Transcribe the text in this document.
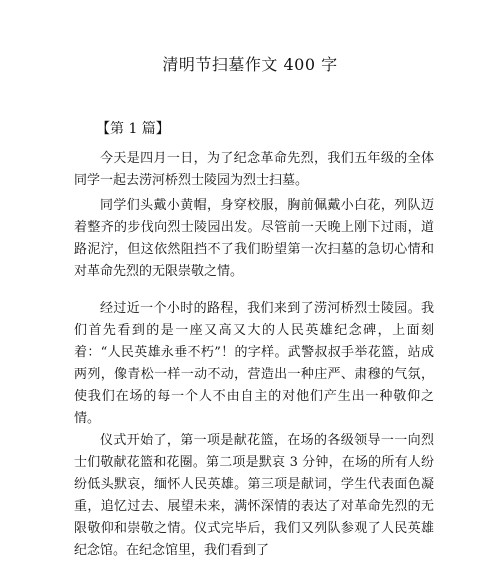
清明节扫墓作文 400 字
【第 1 篇】

今天是四月一日，为了纪念革命先烈，我们五年级的全体同学一起去涝河桥烈士陵园为烈士扫墓。

同学们头戴小黄帽，身穿校服，胸前佩戴小白花，列队迈着整齐的步伐向烈士陵园出发。尽管前一天晚上刚下过雨，道路泥泞，但这依然阻挡不了我们盼望第一次扫墓的急切心情和对革命先烈的无限崇敬之情。

经过近一个小时的路程，我们来到了涝河桥烈士陵园。我们首先看到的是一座又高又大的人民英雄纪念碑，上面刻着：“人民英雄永垂不朽”！的字样。武警叔叔手举花篮，站成两列，像青松一样一动不动，营造出一种庄严、肃穆的气氛，使我们在场的每一个人不由自主的对他们产生出一种敬仰之情。

仪式开始了，第一项是献花篮，在场的各级领导一一向烈士们敬献花篮和花圈。第二项是默哀 3 分钟，在场的所有人纷纷低头默哀，缅怀人民英雄。第三项是献词，学生代表面色凝重，追忆过去、展望未来，满怀深情的表达了对革命先烈的无限敬仰和崇敬之情。仪式完毕后，我们又列队参观了人民英雄纪念馆。在纪念馆里，我们看到了
